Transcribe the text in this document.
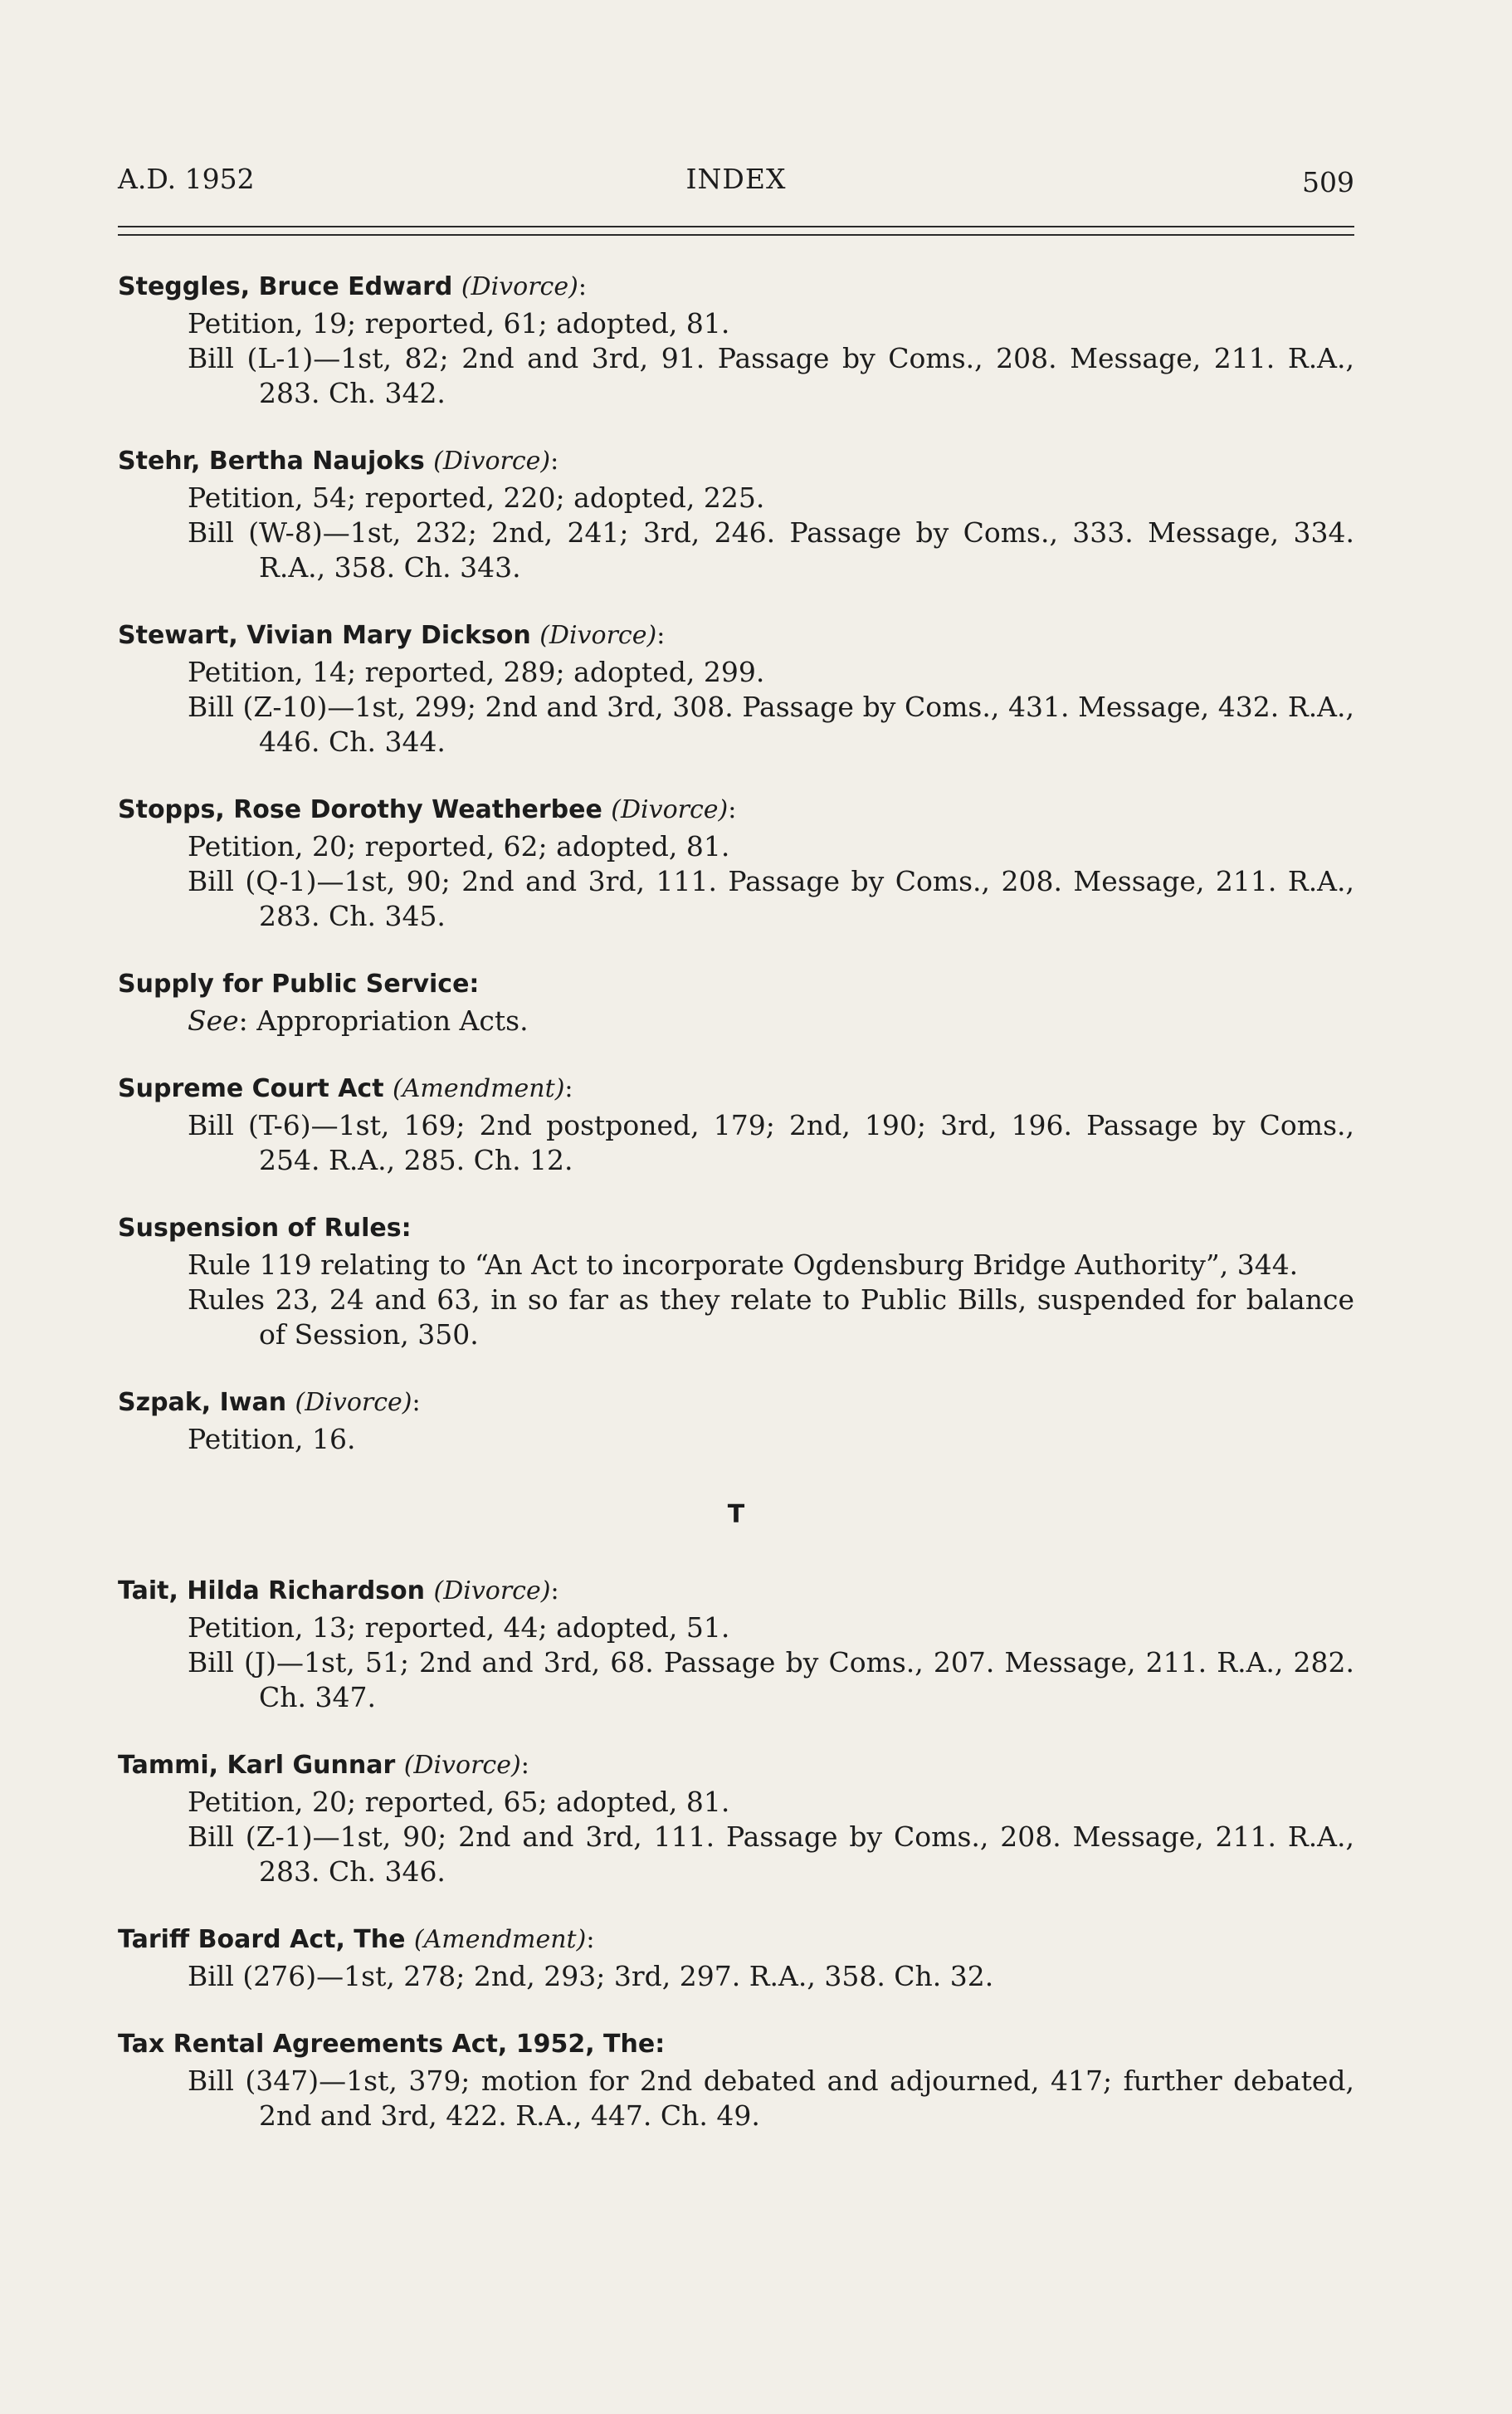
A.D. 1952	INDEX	509
Steggles, Bruce Edward (Divorce):
Petition, 19; reported, 61; adopted, 81.
Bill (L-1)—1st, 82; 2nd and 3rd, 91. Passage by Coms., 208. Message, 211. R.A., 283. Ch. 342.
Stehr, Bertha Naujoks (Divorce):
Petition, 54; reported, 220; adopted, 225.
Bill (W-8)—1st, 232; 2nd, 241; 3rd, 246. Passage by Coms., 333. Message, 334. R.A., 358. Ch. 343.
Stewart, Vivian Mary Dickson (Divorce):
Petition, 14; reported, 289; adopted, 299.
Bill (Z-10)—1st, 299; 2nd and 3rd, 308. Passage by Coms., 431. Message, 432. R.A., 446. Ch. 344.
Stopps, Rose Dorothy Weatherbee (Divorce):
Petition, 20; reported, 62; adopted, 81.
Bill (Q-1)—1st, 90; 2nd and 3rd, 111. Passage by Coms., 208. Message, 211. R.A., 283. Ch. 345.
Supply for Public Service:
See: Appropriation Acts.
Supreme Court Act (Amendment):
Bill (T-6)—1st, 169; 2nd postponed, 179; 2nd, 190; 3rd, 196. Passage by Coms., 254. R.A., 285. Ch. 12.
Suspension of Rules:
Rule 119 relating to “An Act to incorporate Ogdensburg Bridge Authority”, 344.
Rules 23, 24 and 63, in so far as they relate to Public Bills, suspended for balance of Session, 350.
Szpak, Iwan (Divorce):
Petition, 16.
T
Tait, Hilda Richardson (Divorce):
Petition, 13; reported, 44; adopted, 51.
Bill (J)—1st, 51; 2nd and 3rd, 68. Passage by Coms., 207. Message, 211. R.A., 282. Ch. 347.
Tammi, Karl Gunnar (Divorce):
Petition, 20; reported, 65; adopted, 81.
Bill (Z-1)—1st, 90; 2nd and 3rd, 111. Passage by Coms., 208. Message, 211. R.A., 283. Ch. 346.
Tariff Board Act, The (Amendment):
Bill (276)—1st, 278; 2nd, 293; 3rd, 297. R.A., 358. Ch. 32.
Tax Rental Agreements Act, 1952, The:
Bill (347)—1st, 379; motion for 2nd debated and adjourned, 417; further debated, 2nd and 3rd, 422. R.A., 447. Ch. 49.
